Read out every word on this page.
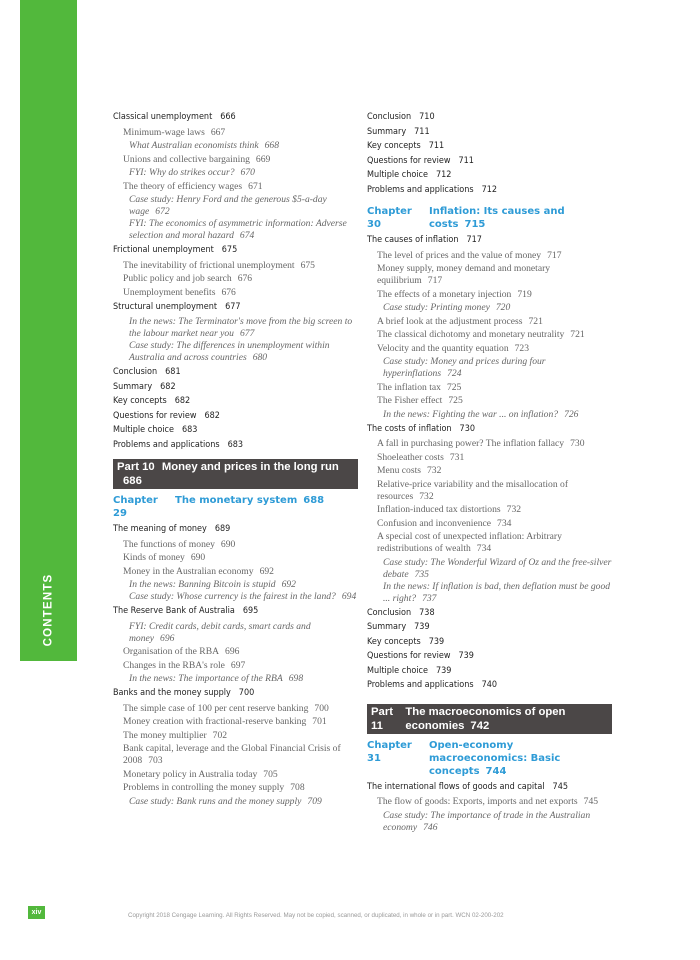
CONTENTS
Classical unemployment 666
Minimum-wage laws 667
What Australian economists think 668
Unions and collective bargaining 669
FYI: Why do strikes occur? 670
The theory of efficiency wages 671
Case study: Henry Ford and the generous $5-a-day wage 672
FYI: The economics of asymmetric information: Adverse selection and moral hazard 674
Frictional unemployment 675
The inevitability of frictional unemployment 675
Public policy and job search 676
Unemployment benefits 676
Structural unemployment 677
In the news: The Terminator's move from the big screen to the labour market near you 677
Case study: The differences in unemployment within Australia and across countries 680
Conclusion 681
Summary 682
Key concepts 682
Questions for review 682
Multiple choice 683
Problems and applications 683
Part 10 Money and prices in the long run 686
Chapter 29
The monetary system 688
The meaning of money 689
The functions of money 690
Kinds of money 690
Money in the Australian economy 692
In the news: Banning Bitcoin is stupid 692
Case study: Whose currency is the fairest in the land? 694
The Reserve Bank of Australia 695
FYI: Credit cards, debit cards, smart cards and money 696
Organisation of the RBA 696
Changes in the RBA's role 697
In the news: The importance of the RBA 698
Banks and the money supply 700
The simple case of 100 per cent reserve banking 700
Money creation with fractional-reserve banking 701
The money multiplier 702
Bank capital, leverage and the Global Financial Crisis of 2008 703
Monetary policy in Australia today 705
Problems in controlling the money supply 708
Case study: Bank runs and the money supply 709
Conclusion 710
Summary 711
Key concepts 711
Questions for review 711
Multiple choice 712
Problems and applications 712
Chapter 30
Inflation: Its causes and costs 715
The causes of inflation 717
The level of prices and the value of money 717
Money supply, money demand and monetary equilibrium 717
The effects of a monetary injection 719
Case study: Printing money 720
A brief look at the adjustment process 721
The classical dichotomy and monetary neutrality 721
Velocity and the quantity equation 723
Case study: Money and prices during four hyperinflations 724
The inflation tax 725
The Fisher effect 725
In the news: Fighting the war ... on inflation? 726
The costs of inflation 730
A fall in purchasing power? The inflation fallacy 730
Shoeleather costs 731
Menu costs 732
Relative-price variability and the misallocation of resources 732
Inflation-induced tax distortions 732
Confusion and inconvenience 734
A special cost of unexpected inflation: Arbitrary redistributions of wealth 734
Case study: The Wonderful Wizard of Oz and the free-silver debate 735
In the news: If inflation is bad, then deflation must be good ... right? 737
Conclusion 738
Summary 739
Key concepts 739
Questions for review 739
Multiple choice 739
Problems and applications 740
Part 11
The macroeconomics of open economies 742
Chapter 31
Open-economy macroeconomics: Basic concepts 744
The international flows of goods and capital 745
The flow of goods: Exports, imports and net exports 745
Case study: The importance of trade in the Australian economy 746
xiv	Copyright 2018 Cengage Learning. All Rights Reserved. May not be copied, scanned, or duplicated, in whole or in part. WCN 02-200-202
